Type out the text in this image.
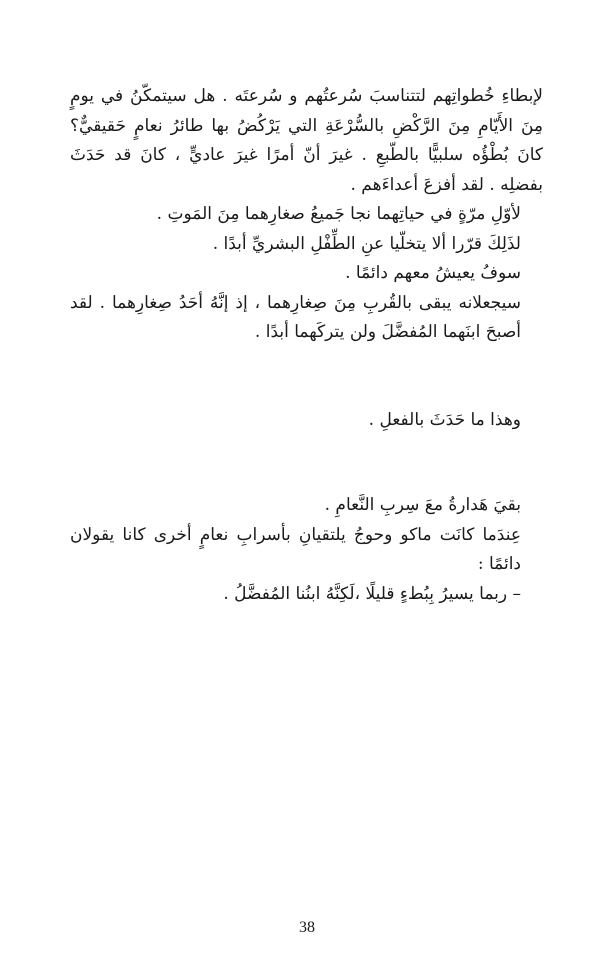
لإبطاءِ خُطواتِهم لتتناسبَ سُرعتُهم و سُرعتَه . هل سيتمكّنُ في يومٍ مِنَ الأَيّامِ مِنَ الرَّكْضِ بالسُّرْعَةِ التي يَرْكُضُ بها طائرُ نعامٍ حَقيقيٌّ؟ كانَ بُطْؤُه سلبيًّا بالطّبعِ . غيرَ أنّ أمرًا غيرَ عاديٍّ ، كانَ قد حَدَثَ بفضلِه . لقد أفزعَ أعداءَهم .

لأوّلِ مرّةٍ في حياتِهما نجا جَميعُ صغارِهما مِنَ المَوتِ .

لذَلِكَ قرّرا ألا يتخلّيا عنِ الطِّفْلِ البشريِّ أبدًا .

سوفُ يعيشُ معهم دائمًا .

سيجعلانه يبقى بالقُربِ مِنَ صِغارِهما ، إذ إنَّهُ أحَدُ صِغارِهما . لقد أصبحَ ابنَهما المُفضَّلَ ولن يتركَهما أبدًا .

وهذا ما حَدَثَ بالفعلِ .

بقيَ هَدارةُ معَ سِربِ النَّعامِ .

عِندَما كانَت ماكو وحوجُ يلتقيانِ بأسرابِ نعامٍ أخرى كانا يقولان دائمًا :

– ربما يسيرُ بِبُطءٍ قليلًا ،لَكِنَّهُ ابنُنا المُفضَّلُ .

38
